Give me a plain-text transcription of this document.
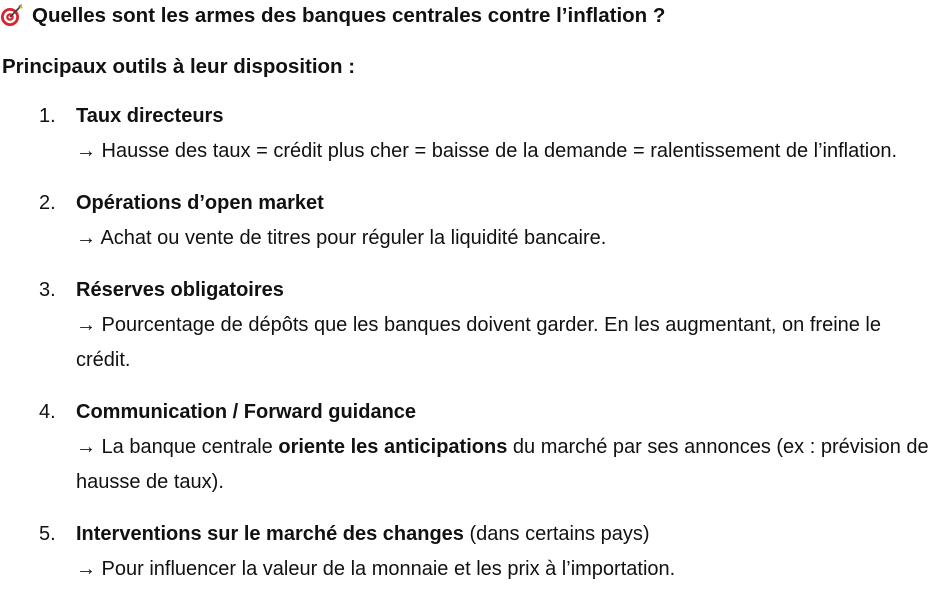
Quelles sont les armes des banques centrales contre l’inflation ?
Principaux outils à leur disposition :
1. Taux directeurs
→ Hausse des taux = crédit plus cher = baisse de la demande = ralentissement de l’inflation.
2. Opérations d’open market
→ Achat ou vente de titres pour réguler la liquidité bancaire.
3. Réserves obligatoires
→ Pourcentage de dépôts que les banques doivent garder. En les augmentant, on freine le crédit.
4. Communication / Forward guidance
→ La banque centrale oriente les anticipations du marché par ses annonces (ex : prévision de hausse de taux).
5. Interventions sur le marché des changes (dans certains pays)
→ Pour influencer la valeur de la monnaie et les prix à l’importation.
